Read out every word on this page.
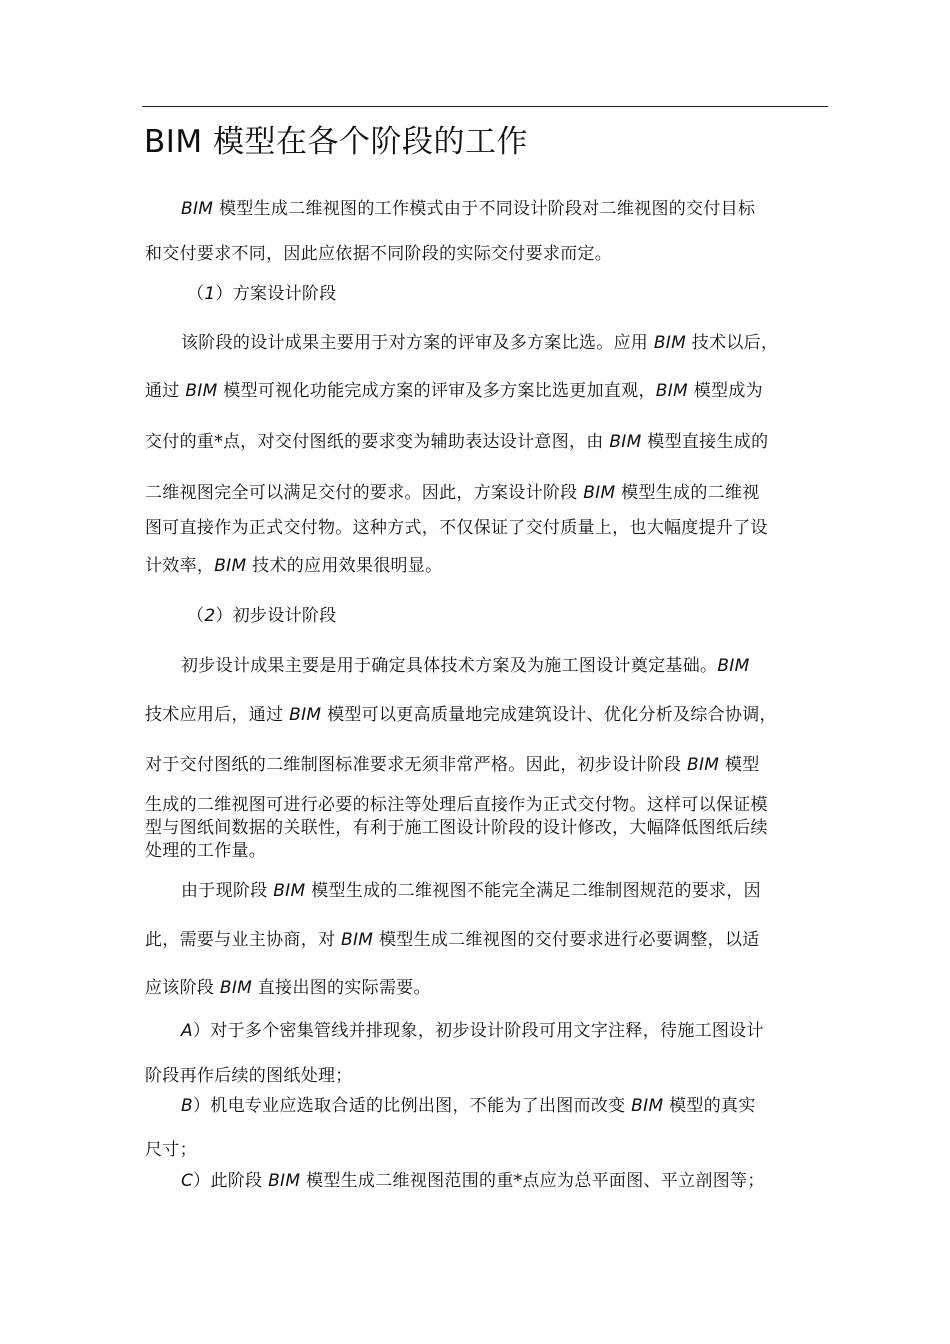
BIM 模型在各个阶段的工作
BIM 模型生成二维视图的工作模式由于不同设计阶段对二维视图的交付目标
和交付要求不同，因此应依据不同阶段的实际交付要求而定。
（1）方案设计阶段
该阶段的设计成果主要用于对方案的评审及多方案比选。应用 BIM 技术以后，
通过 BIM 模型可视化功能完成方案的评审及多方案比选更加直观，BIM 模型成为
交付的重*点，对交付图纸的要求变为辅助表达设计意图，由 BIM 模型直接生成的
二维视图完全可以满足交付的要求。因此，方案设计阶段 BIM 模型生成的二维视
图可直接作为正式交付物。这种方式，不仅保证了交付质量上，也大幅度提升了设
计效率，BIM 技术的应用效果很明显。
（2）初步设计阶段
初步设计成果主要是用于确定具体技术方案及为施工图设计奠定基础。BIM
技术应用后，通过 BIM 模型可以更高质量地完成建筑设计、优化分析及综合协调，
对于交付图纸的二维制图标准要求无须非常严格。因此，初步设计阶段 BIM 模型
生成的二维视图可进行必要的标注等处理后直接作为正式交付物。这样可以保证模
型与图纸间数据的关联性，有利于施工图设计阶段的设计修改，大幅降低图纸后续
处理的工作量。
由于现阶段 BIM 模型生成的二维视图不能完全满足二维制图规范的要求，因
此，需要与业主协商，对 BIM 模型生成二维视图的交付要求进行必要调整，以适
应该阶段 BIM 直接出图的实际需要。
A）对于多个密集管线并排现象，初步设计阶段可用文字注释，待施工图设计
阶段再作后续的图纸处理；
B）机电专业应选取合适的比例出图，不能为了出图而改变 BIM 模型的真实
尺寸；
C）此阶段 BIM 模型生成二维视图范围的重*点应为总平面图、平立剖图等；
